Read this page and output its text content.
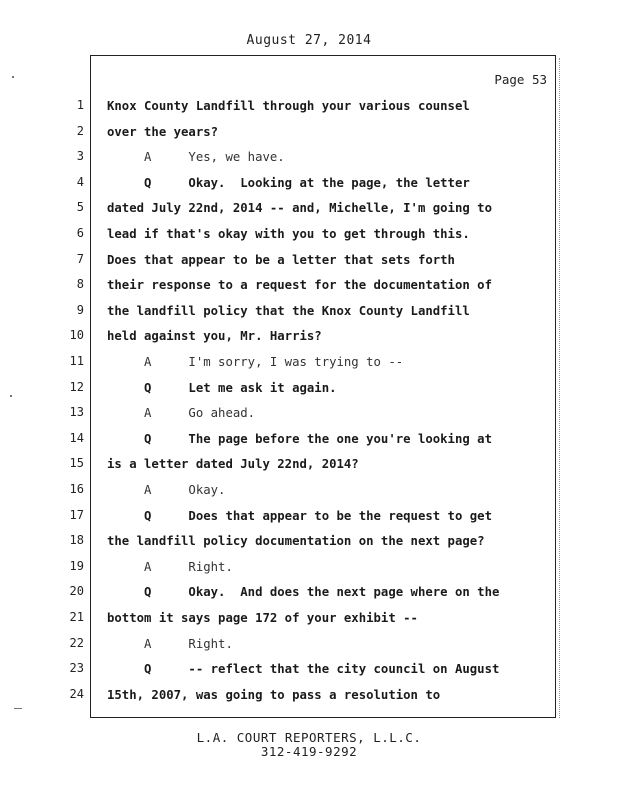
August 27, 2014
Page 53
Knox County Landfill through your various counsel
over the years?
A     Yes, we have.
Q     Okay.  Looking at the page, the letter
dated July 22nd, 2014 -- and, Michelle, I'm going to
lead if that's okay with you to get through this.
Does that appear to be a letter that sets forth
their response to a request for the documentation of
the landfill policy that the Knox County Landfill
held against you, Mr. Harris?
A     I'm sorry, I was trying to --
Q     Let me ask it again.
A     Go ahead.
Q     The page before the one you're looking at
is a letter dated July 22nd, 2014?
A     Okay.
Q     Does that appear to be the request to get
the landfill policy documentation on the next page?
A     Right.
Q     Okay.  And does the next page where on the
bottom it says page 172 of your exhibit --
A     Right.
Q     -- reflect that the city council on August
15th, 2007, was going to pass a resolution to
1
2
3
4
5
6
7
8
9
10
11
12
13
14
15
16
17
18
19
20
21
22
23
24
L.A. COURT REPORTERS, L.L.C.
312-419-9292
